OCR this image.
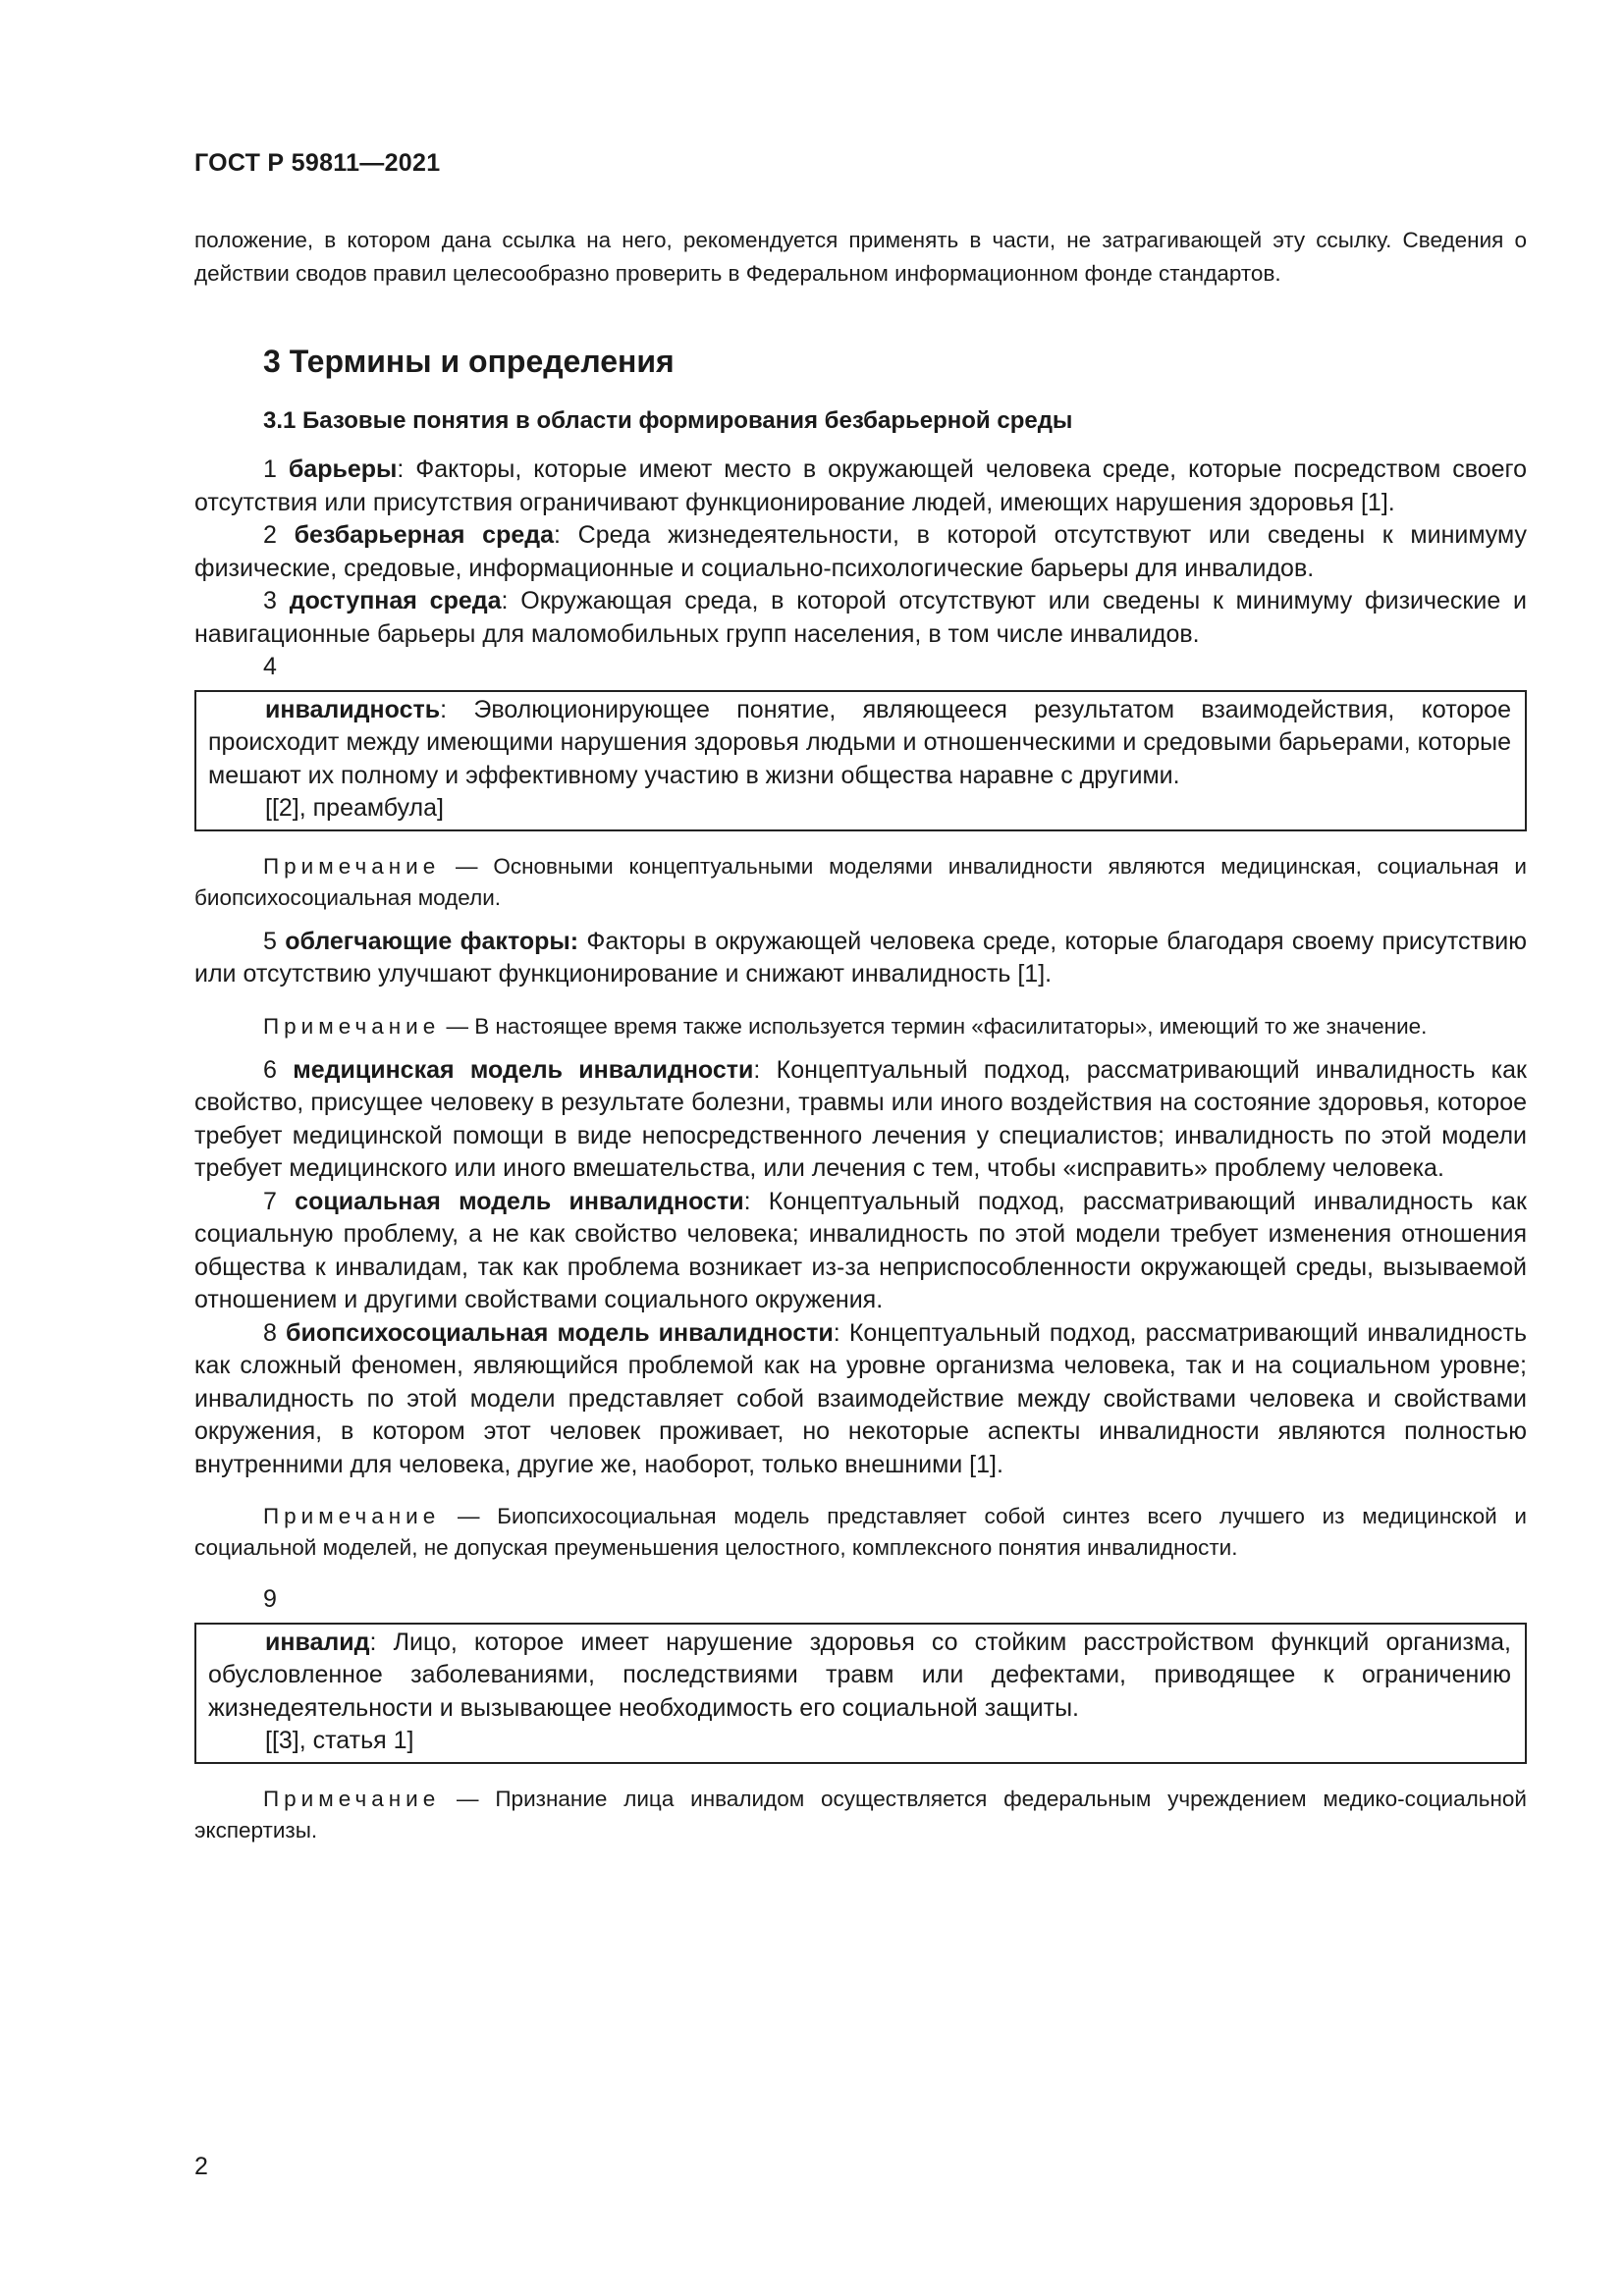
ГОСТ Р 59811—2021

положение, в котором дана ссылка на него, рекомендуется применять в части, не затрагивающей эту ссылку. Сведения о действии сводов правил целесообразно проверить в Федеральном информационном фонде стандартов.

3 Термины и определения
3.1 Базовые понятия в области формирования безбарьерной среды

1 барьеры: Факторы, которые имеют место в окружающей человека среде, которые посредством своего отсутствия или присутствия ограничивают функционирование людей, имеющих нарушения здоровья [1].

2 безбарьерная среда: Среда жизнедеятельности, в которой отсутствуют или сведены к минимуму физические, средовые, информационные и социально-психологические барьеры для инвалидов.

3 доступная среда: Окружающая среда, в которой отсутствуют или сведены к минимуму физические и навигационные барьеры для маломобильных групп населения, в том числе инвалидов.

4

инвалидность: Эволюционирующее понятие, являющееся результатом взаимодействия, которое происходит между имеющими нарушения здоровья людьми и отношенческими и средовыми барьерами, которые мешают их полному и эффективному участию в жизни общества наравне с другими.

[[2], преамбула]

Примечание — Основными концептуальными моделями инвалидности являются медицинская, социальная и биопсихосоциальная модели.

5 облегчающие факторы: Факторы в окружающей человека среде, которые благодаря своему присутствию или отсутствию улучшают функционирование и снижают инвалидность [1].

Примечание — В настоящее время также используется термин «фасилитаторы», имеющий то же значение.

6 медицинская модель инвалидности: Концептуальный подход, рассматривающий инвалидность как свойство, присущее человеку в результате болезни, травмы или иного воздействия на состояние здоровья, которое требует медицинской помощи в виде непосредственного лечения у специалистов; инвалидность по этой модели требует медицинского или иного вмешательства, или лечения с тем, чтобы «исправить» проблему человека.

7 социальная модель инвалидности: Концептуальный подход, рассматривающий инвалидность как социальную проблему, а не как свойство человека; инвалидность по этой модели требует изменения отношения общества к инвалидам, так как проблема возникает из-за неприспособленности окружающей среды, вызываемой отношением и другими свойствами социального окружения.

8 биопсихосоциальная модель инвалидности: Концептуальный подход, рассматривающий инвалидность как сложный феномен, являющийся проблемой как на уровне организма человека, так и на социальном уровне; инвалидность по этой модели представляет собой взаимодействие между свойствами человека и свойствами окружения, в котором этот человек проживает, но некоторые аспекты инвалидности являются полностью внутренними для человека, другие же, наоборот, только внешними [1].

Примечание — Биопсихосоциальная модель представляет собой синтез всего лучшего из медицинской и социальной моделей, не допуская преуменьшения целостного, комплексного понятия инвалидности.

9

инвалид: Лицо, которое имеет нарушение здоровья со стойким расстройством функций организма, обусловленное заболеваниями, последствиями травм или дефектами, приводящее к ограничению жизнедеятельности и вызывающее необходимость его социальной защиты.

[[3], статья 1]

Примечание — Признание лица инвалидом осуществляется федеральным учреждением медико-социальной экспертизы.

2
